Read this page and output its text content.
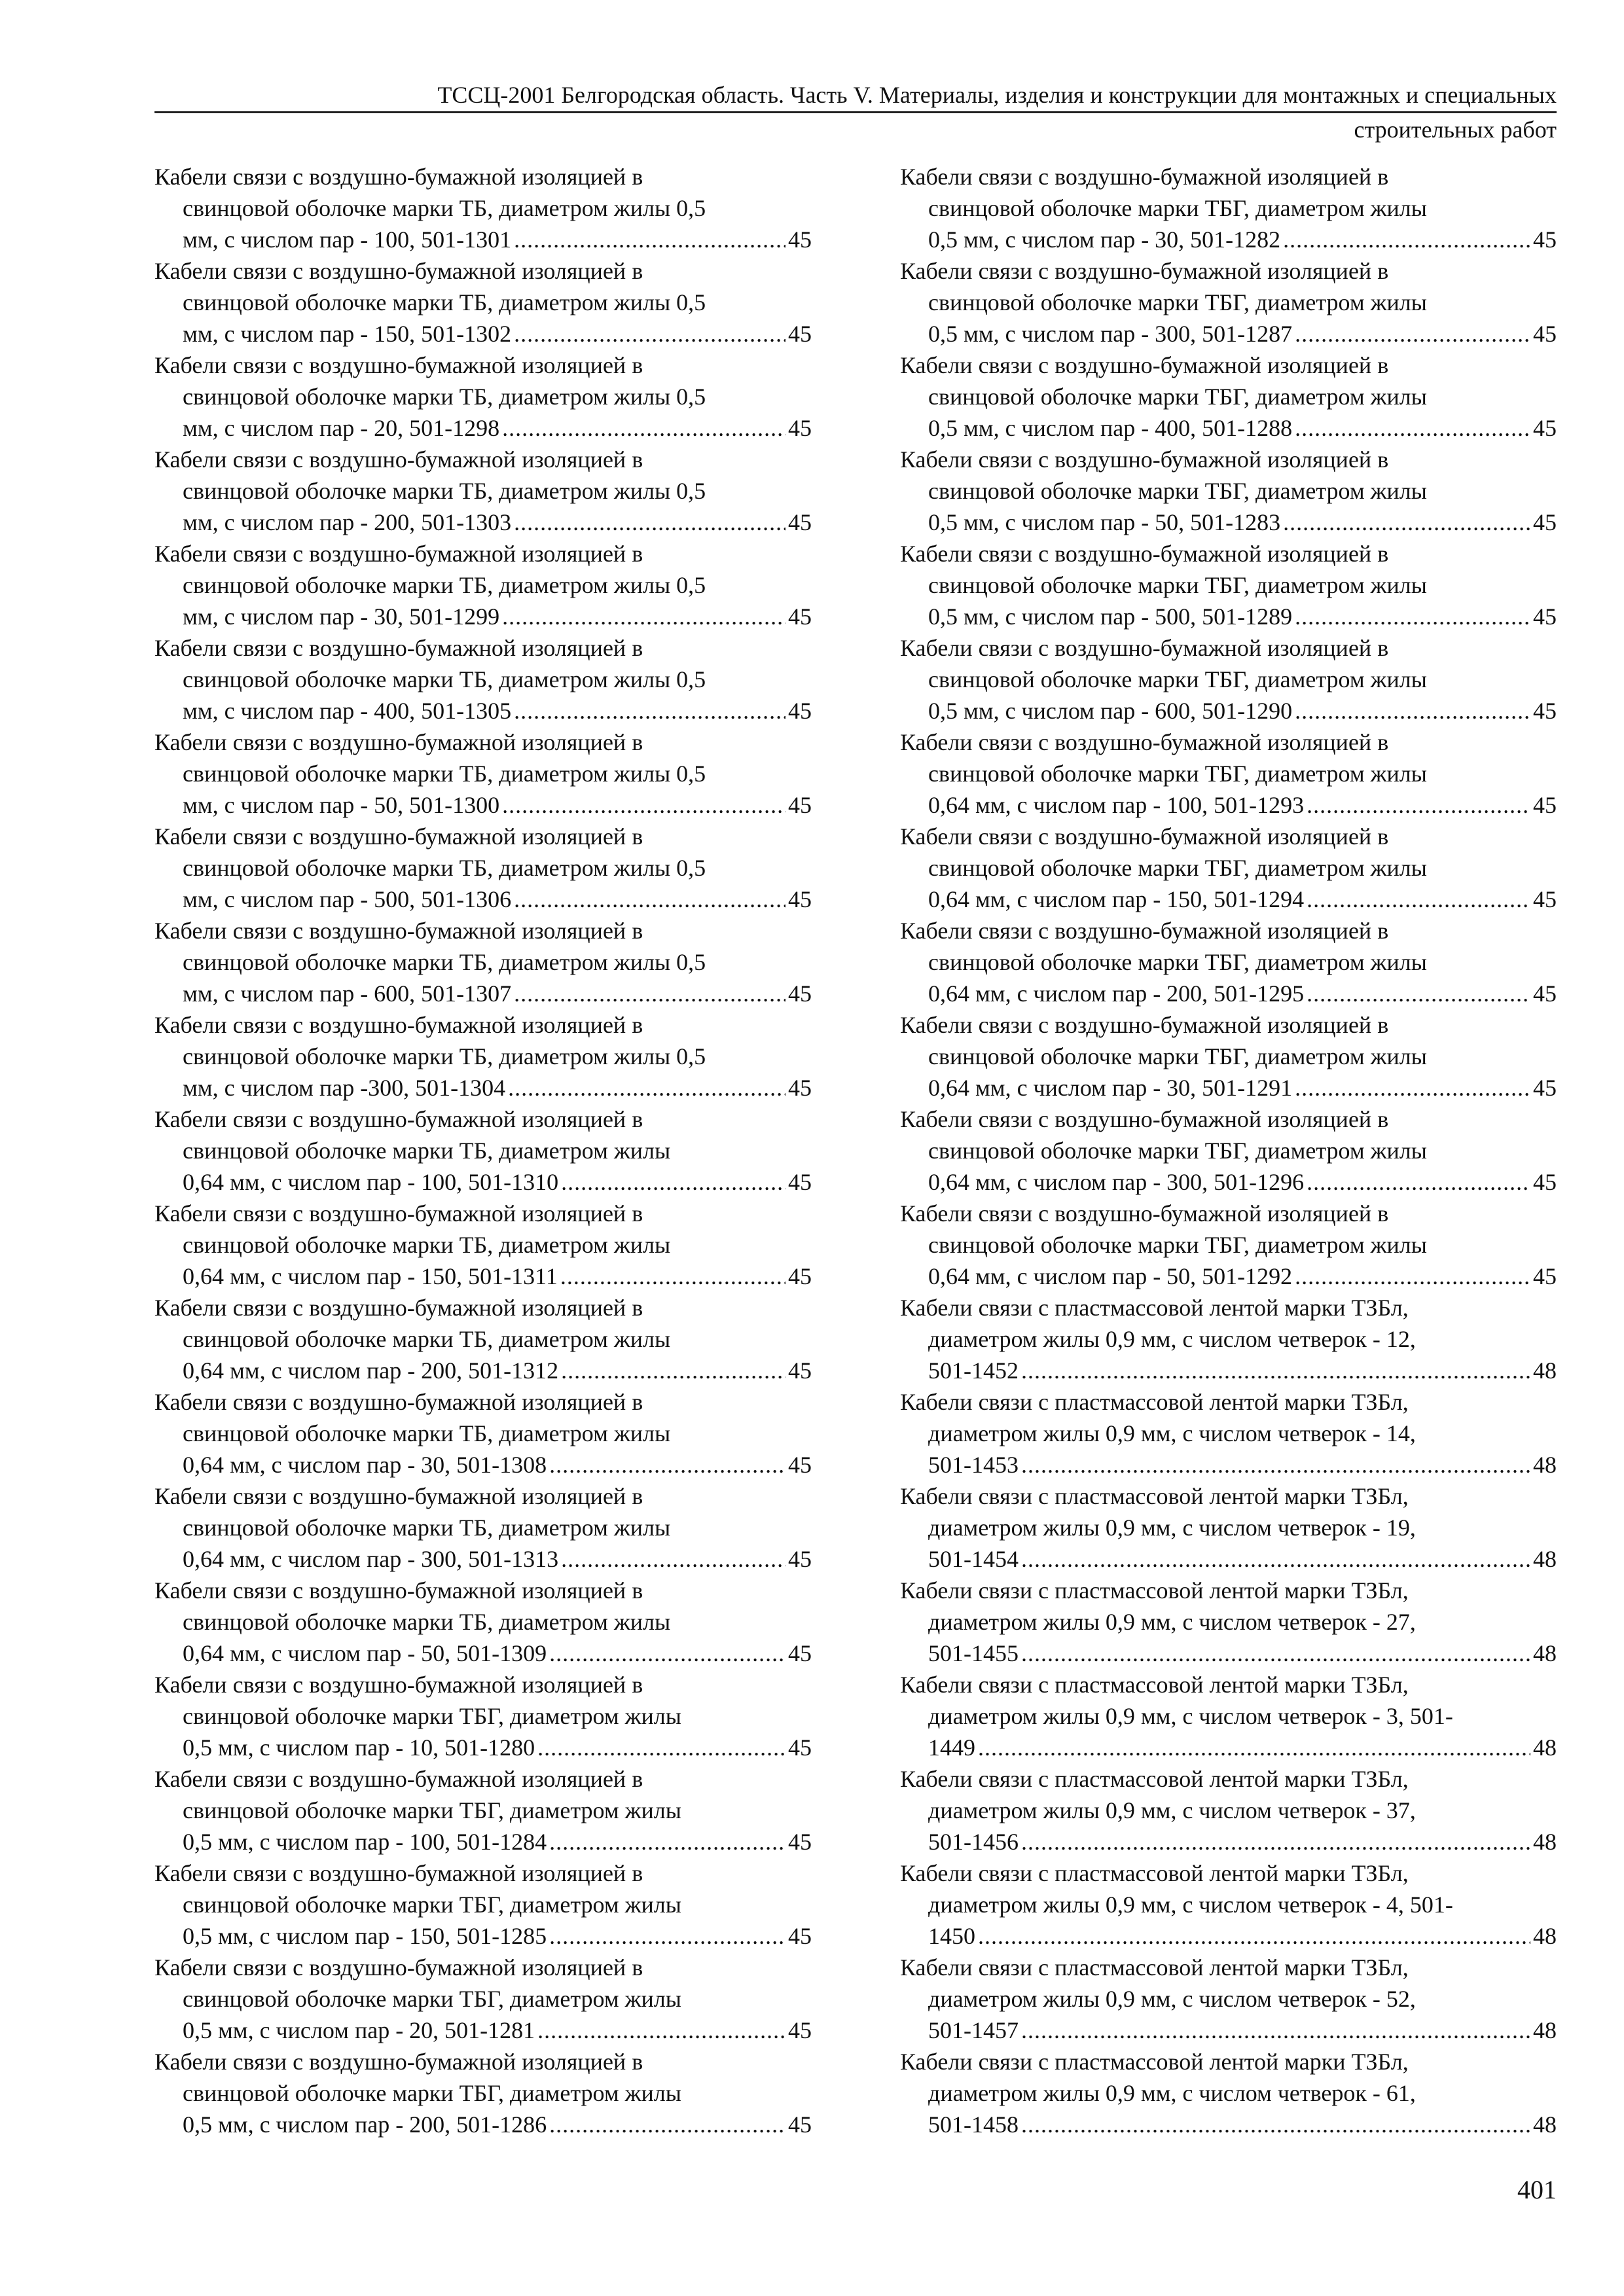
ТССЦ-2001 Белгородская область. Часть V. Материалы, изделия и конструкции для монтажных и специальных
строительных работ
Кабели связи с воздушно-бумажной изоляцией в
свинцовой оболочке марки ТБ, диаметром жилы 0,5
мм, с числом пар - 100, 501-1301 .....	45
Кабели связи с воздушно-бумажной изоляцией в
свинцовой оболочке марки ТБ, диаметром жилы 0,5
мм, с числом пар - 150, 501-1302 .....	45
Кабели связи с воздушно-бумажной изоляцией в
свинцовой оболочке марки ТБ, диаметром жилы 0,5
мм, с числом пар - 20, 501-1298 .....	45
Кабели связи с воздушно-бумажной изоляцией в
свинцовой оболочке марки ТБ, диаметром жилы 0,5
мм, с числом пар - 200, 501-1303 .....	45
Кабели связи с воздушно-бумажной изоляцией в
свинцовой оболочке марки ТБ, диаметром жилы 0,5
мм, с числом пар - 30, 501-1299 .....	45
Кабели связи с воздушно-бумажной изоляцией в
свинцовой оболочке марки ТБ, диаметром жилы 0,5
мм, с числом пар - 400, 501-1305 .....	45
Кабели связи с воздушно-бумажной изоляцией в
свинцовой оболочке марки ТБ, диаметром жилы 0,5
мм, с числом пар - 50, 501-1300 .....	45
Кабели связи с воздушно-бумажной изоляцией в
свинцовой оболочке марки ТБ, диаметром жилы 0,5
мм, с числом пар - 500, 501-1306 .....	45
Кабели связи с воздушно-бумажной изоляцией в
свинцовой оболочке марки ТБ, диаметром жилы 0,5
мм, с числом пар - 600, 501-1307 .....	45
Кабели связи с воздушно-бумажной изоляцией в
свинцовой оболочке марки ТБ, диаметром жилы 0,5
мм, с числом пар -300, 501-1304 .....	45
Кабели связи с воздушно-бумажной изоляцией в
свинцовой оболочке марки ТБ, диаметром жилы
0,64 мм, с числом пар - 100, 501-1310 .....	45
Кабели связи с воздушно-бумажной изоляцией в
свинцовой оболочке марки ТБ, диаметром жилы
0,64 мм, с числом пар - 150, 501-1311 .....	45
Кабели связи с воздушно-бумажной изоляцией в
свинцовой оболочке марки ТБ, диаметром жилы
0,64 мм, с числом пар - 200, 501-1312 .....	45
Кабели связи с воздушно-бумажной изоляцией в
свинцовой оболочке марки ТБ, диаметром жилы
0,64 мм, с числом пар - 30, 501-1308 .....	45
Кабели связи с воздушно-бумажной изоляцией в
свинцовой оболочке марки ТБ, диаметром жилы
0,64 мм, с числом пар - 300, 501-1313 .....	45
Кабели связи с воздушно-бумажной изоляцией в
свинцовой оболочке марки ТБ, диаметром жилы
0,64 мм, с числом пар - 50, 501-1309 .....	45
Кабели связи с воздушно-бумажной изоляцией в
свинцовой оболочке марки ТБГ, диаметром жилы
0,5 мм, с числом пар - 10, 501-1280 .....	45
Кабели связи с воздушно-бумажной изоляцией в
свинцовой оболочке марки ТБГ, диаметром жилы
0,5 мм, с числом пар - 100, 501-1284 .....	45
Кабели связи с воздушно-бумажной изоляцией в
свинцовой оболочке марки ТБГ, диаметром жилы
0,5 мм, с числом пар - 150, 501-1285 .....	45
Кабели связи с воздушно-бумажной изоляцией в
свинцовой оболочке марки ТБГ, диаметром жилы
0,5 мм, с числом пар - 20, 501-1281 .....	45
Кабели связи с воздушно-бумажной изоляцией в
свинцовой оболочке марки ТБГ, диаметром жилы
0,5 мм, с числом пар - 200, 501-1286 .....	45
Кабели связи с воздушно-бумажной изоляцией в
свинцовой оболочке марки ТБГ, диаметром жилы
0,5 мм, с числом пар - 30, 501-1282 .....	45
Кабели связи с воздушно-бумажной изоляцией в
свинцовой оболочке марки ТБГ, диаметром жилы
0,5 мм, с числом пар - 300, 501-1287 .....	45
Кабели связи с воздушно-бумажной изоляцией в
свинцовой оболочке марки ТБГ, диаметром жилы
0,5 мм, с числом пар - 400, 501-1288 .....	45
Кабели связи с воздушно-бумажной изоляцией в
свинцовой оболочке марки ТБГ, диаметром жилы
0,5 мм, с числом пар - 50, 501-1283 .....	45
Кабели связи с воздушно-бумажной изоляцией в
свинцовой оболочке марки ТБГ, диаметром жилы
0,5 мм, с числом пар - 500, 501-1289 .....	45
Кабели связи с воздушно-бумажной изоляцией в
свинцовой оболочке марки ТБГ, диаметром жилы
0,5 мм, с числом пар - 600, 501-1290 .....	45
Кабели связи с воздушно-бумажной изоляцией в
свинцовой оболочке марки ТБГ, диаметром жилы
0,64 мм, с числом пар - 100, 501-1293 .....	45
Кабели связи с воздушно-бумажной изоляцией в
свинцовой оболочке марки ТБГ, диаметром жилы
0,64 мм, с числом пар - 150, 501-1294 .....	45
Кабели связи с воздушно-бумажной изоляцией в
свинцовой оболочке марки ТБГ, диаметром жилы
0,64 мм, с числом пар - 200, 501-1295 .....	45
Кабели связи с воздушно-бумажной изоляцией в
свинцовой оболочке марки ТБГ, диаметром жилы
0,64 мм, с числом пар - 30, 501-1291 .....	45
Кабели связи с воздушно-бумажной изоляцией в
свинцовой оболочке марки ТБГ, диаметром жилы
0,64 мм, с числом пар - 300, 501-1296 .....	45
Кабели связи с воздушно-бумажной изоляцией в
свинцовой оболочке марки ТБГ, диаметром жилы
0,64 мм, с числом пар - 50, 501-1292 .....	45
Кабели связи с пластмассовой лентой марки ТЗБл,
диаметром жилы 0,9 мм, с числом четверок - 12,
501-1452 .....	48
Кабели связи с пластмассовой лентой марки ТЗБл,
диаметром жилы 0,9 мм, с числом четверок - 14,
501-1453 .....	48
Кабели связи с пластмассовой лентой марки ТЗБл,
диаметром жилы 0,9 мм, с числом четверок - 19,
501-1454 .....	48
Кабели связи с пластмассовой лентой марки ТЗБл,
диаметром жилы 0,9 мм, с числом четверок - 27,
501-1455 .....	48
Кабели связи с пластмассовой лентой марки ТЗБл,
диаметром жилы 0,9 мм, с числом четверок - 3, 501-
1449 .....	48
Кабели связи с пластмассовой лентой марки ТЗБл,
диаметром жилы 0,9 мм, с числом четверок - 37,
501-1456 .....	48
Кабели связи с пластмассовой лентой марки ТЗБл,
диаметром жилы 0,9 мм, с числом четверок - 4, 501-
1450 .....	48
Кабели связи с пластмассовой лентой марки ТЗБл,
диаметром жилы 0,9 мм, с числом четверок - 52,
501-1457 .....	48
Кабели связи с пластмассовой лентой марки ТЗБл,
диаметром жилы 0,9 мм, с числом четверок - 61,
501-1458 .....	48
401
